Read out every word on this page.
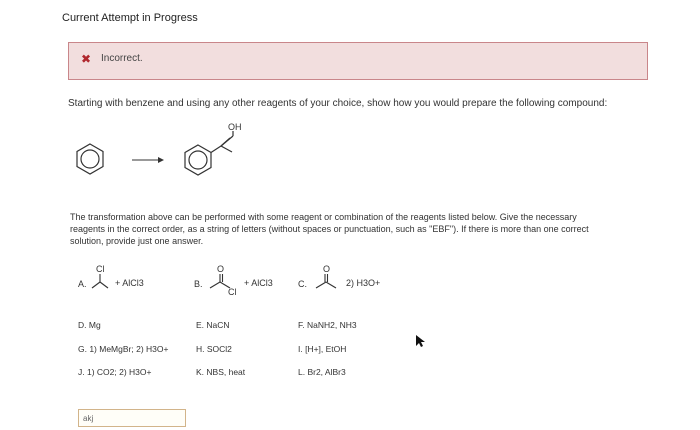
Current Attempt in Progress
✖ Incorrect.
Starting with benzene and using any other reagents of your choice, show how you would prepare the following compound:
OH
The transformation above can be performed with some reagent or combination of the reagents listed below. Give the necessary
reagents in the correct order, as a string of letters (without spaces or punctuation, such as "EBF"). If there is more than one correct
solution, provide just one answer.
A.
Cl
+ AlCl3	B.
O
Cl
+ AlCl3	C.
O
2) H3O+
D. Mg	E. NaCN	F. NaNH2, NH3
G. 1) MeMgBr; 2) H3O+	H. SOCl2	I. [H+], EtOH
J. 1) CO2; 2) H3O+	K. NBS, heat	L. Br2, AlBr3
akj
